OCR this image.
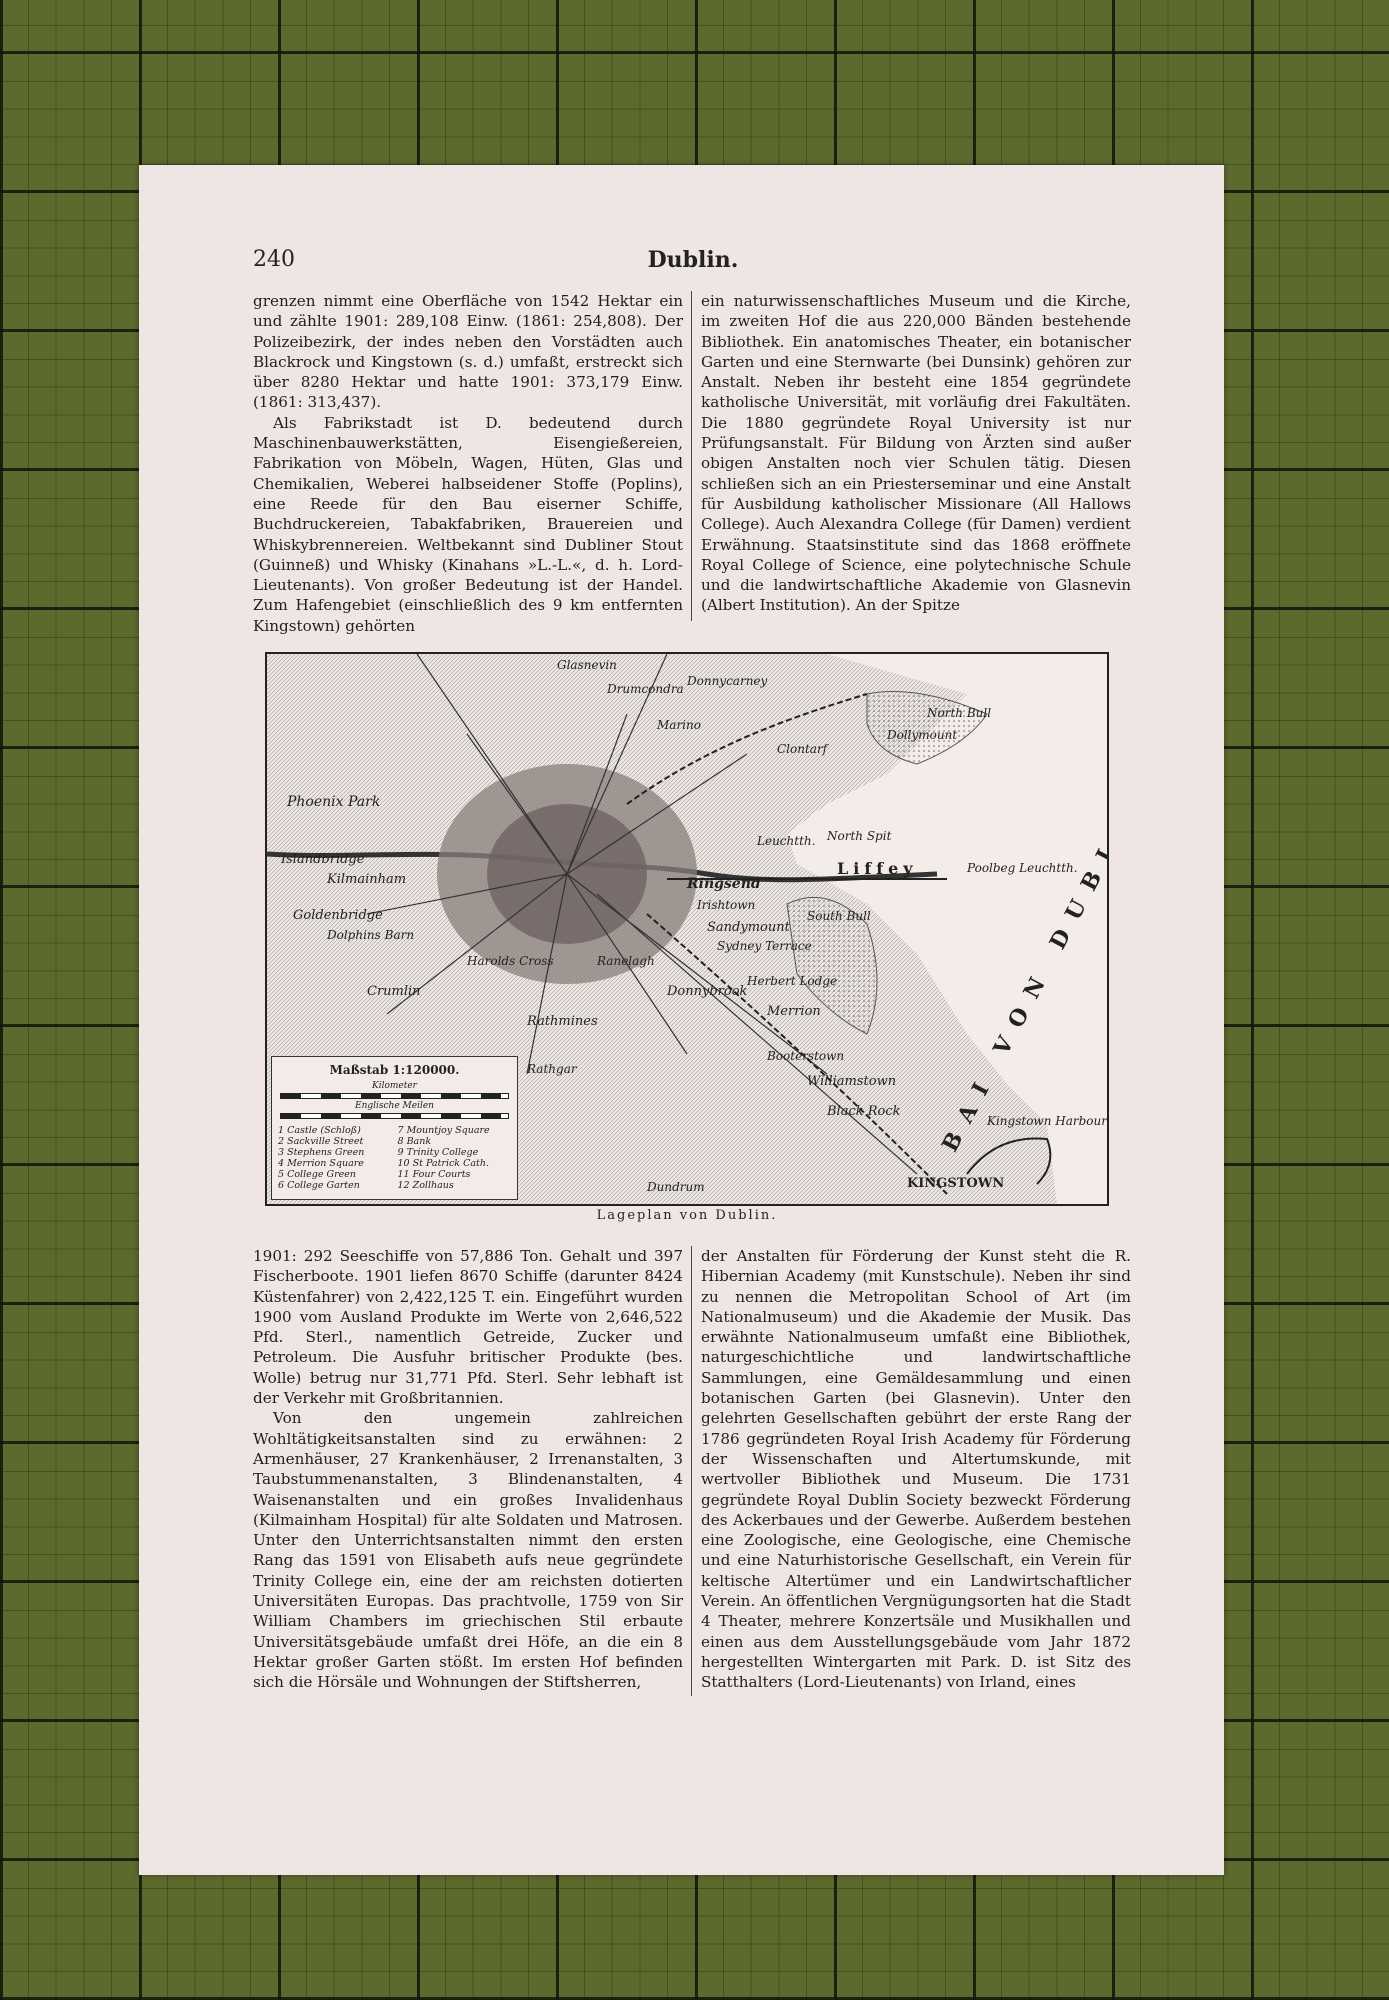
240	Dublin.

grenzen nimmt eine Oberfläche von 1542 Hektar ein und zählte 1901: 289,108 Einw. (1861: 254,808). Der Polizeibezirk, der indes neben den Vorstädten auch Blackrock und Kingstown (s. d.) umfaßt, erstreckt sich über 8280 Hektar und hatte 1901: 373,179 Einw. (1861: 313,437).

Als Fabrikstadt ist D. bedeutend durch Maschinenbauwerkstätten, Eisengießereien, Fabrikation von Möbeln, Wagen, Hüten, Glas und Chemikalien, Weberei halbseidener Stoffe (Poplins), eine Reede für den Bau eiserner Schiffe, Buchdruckereien, Tabakfabriken, Brauereien und Whiskybrennereien. Weltbekannt sind Dubliner Stout (Guinneß) und Whisky (Kinahans »L.-L.«, d. h. Lord-Lieutenants). Von großer Bedeutung ist der Handel. Zum Hafengebiet (einschließlich des 9 km entfernten Kingstown) gehörten

ein naturwissenschaftliches Museum und die Kirche, im zweiten Hof die aus 220,000 Bänden bestehende Bibliothek. Ein anatomisches Theater, ein botanischer Garten und eine Sternwarte (bei Dunsink) gehören zur Anstalt. Neben ihr besteht eine 1854 gegründete katholische Universität, mit vorläufig drei Fakultäten. Die 1880 gegründete Royal University ist nur Prüfungsanstalt. Für Bildung von Ärzten sind außer obigen Anstalten noch vier Schulen tätig. Diesen schließen sich an ein Priesterseminar und eine Anstalt für Ausbildung katholischer Missionare (All Hallows College). Auch Alexandra College (für Damen) verdient Erwähnung. Staatsinstitute sind das 1868 eröffnete Royal College of Science, eine polytechnische Schule und die landwirtschaftliche Akademie von Glasnevin (Albert Institution). An der Spitze

Glasnevin
Drumcondra
Donnycarney
North Bull
Dollymount
Clontarf
Marino
North Spit
Liffey	Poolbeg Leuchtth.
Leuchtth.
Ringsend
Irishtown
Sandymount
Sydney Terrace
South Bull
BAI VON
Phoenix Park
Islandbridge
Kilmainham
Goldenbridge
Dolphins Barn
Crumlin
Harolds Cross
Rathmines
Rathgar
Ranelagh
Donnybrook
Merrion
Herbert Lodge
Booterstown
Williamstown
Black Rock
Kingstown Harbour
KINGSTOWN
Dundrum
Maßstab 1:120000.
Kilometer
Englische Meilen
1 Castle (Schloß)	7 Mountjoy Square
2 Sackville Street	8 Bank
3 Stephens Green	9 Trinity College
4 Merrion Square	10 St Patrick Cath.
5 College Green	11 Four Courts
6 College Garten	12 Zollhaus
Lageplan von Dublin.

1901: 292 Seeschiffe von 57,886 Ton. Gehalt und 397 Fischerboote. 1901 liefen 8670 Schiffe (darunter 8424 Küstenfahrer) von 2,422,125 T. ein. Eingeführt wurden 1900 vom Ausland Produkte im Werte von 2,646,522 Pfd. Sterl., namentlich Getreide, Zucker und Petroleum. Die Ausfuhr britischer Produkte (bes. Wolle) betrug nur 31,771 Pfd. Sterl. Sehr lebhaft ist der Verkehr mit Großbritannien.

Von den ungemein zahlreichen Wohltätigkeitsanstalten sind zu erwähnen: 2 Armenhäuser, 27 Krankenhäuser, 2 Irrenanstalten, 3 Taubstummenanstalten, 3 Blindenanstalten, 4 Waisenanstalten und ein großes Invalidenhaus (Kilmainham Hospital) für alte Soldaten und Matrosen. Unter den Unterrichtsanstalten nimmt den ersten Rang das 1591 von Elisabeth aufs neue gegründete Trinity College ein, eine der am reichsten dotierten Universitäten Europas. Das prachtvolle, 1759 von Sir William Chambers im griechischen Stil erbaute Universitätsgebäude umfaßt drei Höfe, an die ein 8 Hektar großer Garten stößt. Im ersten Hof befinden sich die Hörsäle und Wohnungen der Stiftsherren,

der Anstalten für Förderung der Kunst steht die R. Hibernian Academy (mit Kunstschule). Neben ihr sind zu nennen die Metropolitan School of Art (im Nationalmuseum) und die Akademie der Musik. Das erwähnte Nationalmuseum umfaßt eine Bibliothek, naturgeschichtliche und landwirtschaftliche Sammlungen, eine Gemäldesammlung und einen botanischen Garten (bei Glasnevin). Unter den gelehrten Gesellschaften gebührt der erste Rang der 1786 gegründeten Royal Irish Academy für Förderung der Wissenschaften und Altertumskunde, mit wertvoller Bibliothek und Museum. Die 1731 gegründete Royal Dublin Society bezweckt Förderung des Ackerbaues und der Gewerbe. Außerdem bestehen eine Zoologische, eine Geologische, eine Chemische und eine Naturhistorische Gesellschaft, ein Verein für keltische Altertümer und ein Landwirtschaftlicher Verein. An öffentlichen Vergnügungsorten hat die Stadt 4 Theater, mehrere Konzertsäle und Musikhallen und einen aus dem Ausstellungsgebäude vom Jahr 1872 hergestellten Wintergarten mit Park. D. ist Sitz des Statthalters (Lord-Lieutenants) von Irland, eines
